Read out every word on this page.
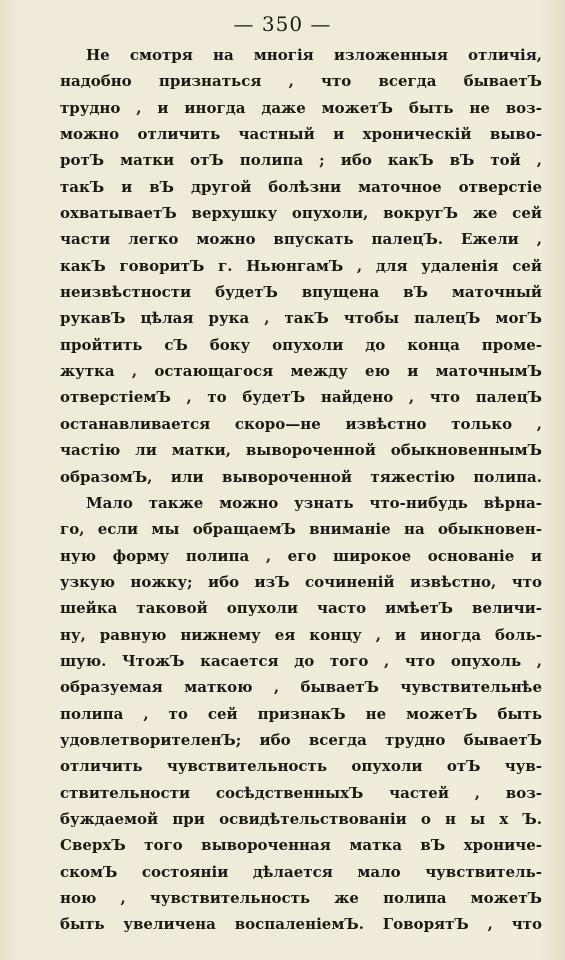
— 350 —
Не смотря на многія изложенныя отличія,
надобно признаться , что всегда бываетЪ
трудно , и иногда даже можетЪ быть не воз-
можно отличить частный и хроническій выво-
ротЪ матки отЪ полипа ; ибо какЪ вЪ той ,
такЪ и вЪ другой болѣзни маточное отверстіе
охватываетЪ верхушку опухоли, вокругЪ же сей
части легко можно впускать палецЪ. Ежели ,
какЪ говоритЪ г. НьюнгамЪ , для удаленія сей
неизвѣстности будетЪ впущена вЪ маточный
рукавЪ цѣлая рука , такЪ чтобы палецЪ могЪ
пройтить сЪ боку опухоли до конца проме-
жутка , остающагося между ею и маточнымЪ
отверстіемЪ , то будетЪ найдено , что палецЪ
останавливается скоро—не извѣстно только ,
частію ли матки, вывороченной обыкновеннымЪ
образомЪ, или вывороченной тяжестію полипа.
Мало также можно узнать что-нибудь вѣрна-
го, если мы обращаемЪ вниманіе на обыкновен-
ную форму полипа , его широкое основаніе и
узкую ножку; ибо изЪ сочиненій извѣстно, что
шейка таковой опухоли часто имѣетЪ величи-
ну, равную нижнему ея концу , и иногда боль-
шую. ЧтожЪ касается до того , что опухоль ,
образуемая маткою , бываетЪ чувствительнѣе
полипа , то сей признакЪ не можетЪ быть
удовлетворителенЪ; ибо всегда трудно бываетЪ
отличить чувствительность опухоли отЪ чув-
ствительности сосѣдственныхЪ частей , воз-
буждаемой при освидѣтельствованіи о н ы х Ъ.
СверхЪ того вывороченная матка вЪ хрониче-
скомЪ состояніи дѣлается мало чувствитель-
ною , чувствительность же полипа можетЪ
быть увеличена воспаленіемЪ. ГоворятЪ , что
